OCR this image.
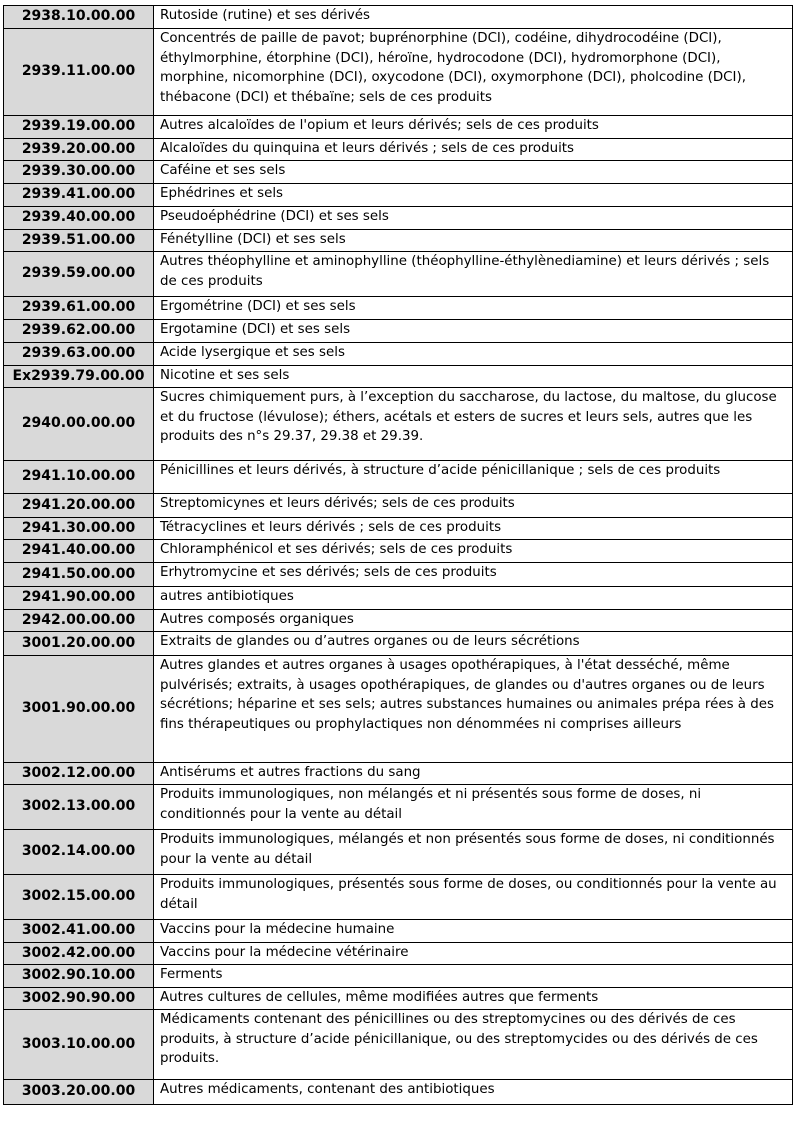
2938.10.00.00	Rutoside (rutine) et ses dérivés
2939.11.00.00	Concentrés de paille de pavot; buprénorphine (DCI), codéine, dihydrocodéine (DCI), éthylmorphine, étorphine (DCI), héroïne, hydrocodone (DCI), hydromorphone (DCI), morphine, nicomorphine (DCI), oxycodone (DCI), oxymorphone (DCI), pholcodine (DCI), thébacone (DCI) et thébaïne; sels de ces produits
2939.19.00.00	Autres alcaloïdes de l'opium et leurs dérivés; sels de ces produits
2939.20.00.00	Alcaloïdes du quinquina et leurs dérivés ; sels de ces produits
2939.30.00.00	Caféine et ses sels
2939.41.00.00	Ephédrines et sels
2939.40.00.00	Pseudoéphédrine (DCI) et ses sels
2939.51.00.00	Fénétylline (DCI) et ses sels
2939.59.00.00	Autres théophylline et aminophylline (théophylline-éthylènediamine) et leurs dérivés ; sels de ces produits
2939.61.00.00	Ergométrine (DCI) et ses sels
2939.62.00.00	Ergotamine (DCI) et ses sels
2939.63.00.00	Acide lysergique et ses sels
Ex2939.79.00.00	Nicotine et ses sels
2940.00.00.00	Sucres chimiquement purs, à l’exception du saccharose, du lactose, du maltose, du glucose et du fructose (lévulose); éthers, acétals et esters de sucres et leurs sels, autres que les produits des n°s 29.37, 29.38 et 29.39.
2941.10.00.00	Pénicillines et leurs dérivés, à structure d’acide pénicillanique ; sels de ces produits
2941.20.00.00	Streptomicynes et leurs dérivés; sels de ces produits
2941.30.00.00	Tétracyclines et leurs dérivés ; sels de ces produits
2941.40.00.00	Chloramphénicol et ses dérivés; sels de ces produits
2941.50.00.00	Erhytromycine et ses dérivés; sels de ces produits
2941.90.00.00	autres antibiotiques
2942.00.00.00	Autres composés organiques
3001.20.00.00	Extraits de glandes ou d’autres organes ou de leurs sécrétions
3001.90.00.00	Autres glandes et autres organes à usages opothérapiques, à l'état desséché, même pulvérisés; extraits, à usages opothérapiques, de glandes ou d'autres organes ou de leurs sécrétions; héparine et ses sels; autres substances humaines ou animales prépa rées à des fins thérapeutiques ou prophylactiques non dénommées ni comprises ailleurs
3002.12.00.00	Antisérums et autres fractions du sang
3002.13.00.00	Produits immunologiques, non mélangés et ni présentés sous forme de doses, ni conditionnés pour la vente au détail
3002.14.00.00	Produits immunologiques, mélangés et non présentés sous forme de doses, ni conditionnés pour la vente au détail
3002.15.00.00	Produits immunologiques, présentés sous forme de doses, ou conditionnés pour la vente au détail
3002.41.00.00	Vaccins pour la médecine humaine
3002.42.00.00	Vaccins pour la médecine vétérinaire
3002.90.10.00	Ferments
3002.90.90.00	Autres cultures de cellules, même modifiées autres que ferments
3003.10.00.00	Médicaments contenant des pénicillines ou des streptomycines ou des dérivés de ces produits, à structure d’acide pénicillanique, ou des streptomycides ou des dérivés de ces produits.
3003.20.00.00	Autres médicaments, contenant des antibiotiques
